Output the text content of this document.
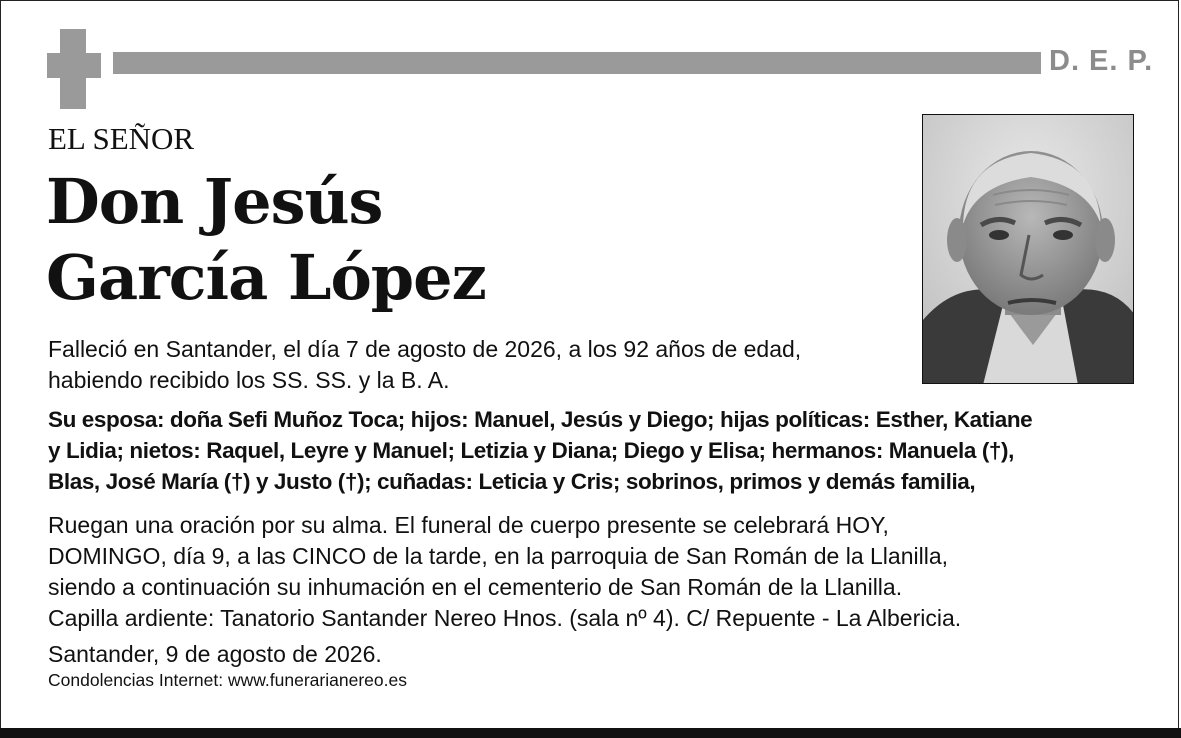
D. E. P.
EL SEÑOR
Don Jesús
García López
Falleció en Santander, el día 7 de agosto de 2026, a los 92 años de edad,
habiendo recibido los SS. SS. y la B. A.
Su esposa: doña Sefi Muñoz Toca; hijos: Manuel, Jesús y Diego; hijas políticas: Esther, Katiane
y Lidia; nietos: Raquel, Leyre y Manuel; Letizia y Diana; Diego y Elisa; hermanos: Manuela (†),
Blas, José María (†) y Justo (†); cuñadas: Leticia y Cris; sobrinos, primos y demás familia,
Ruegan una oración por su alma. El funeral de cuerpo presente se celebrará HOY,
DOMINGO, día 9, a las CINCO de la tarde, en la parroquia de San Román de la Llanilla,
siendo a continuación su inhumación en el cementerio de San Román de la Llanilla.
Capilla ardiente: Tanatorio Santander Nereo Hnos. (sala nº 4). C/ Repuente - La Albericia.
Santander, 9 de agosto de 2026.
Condolencias Internet: www.funerarianereo.es
